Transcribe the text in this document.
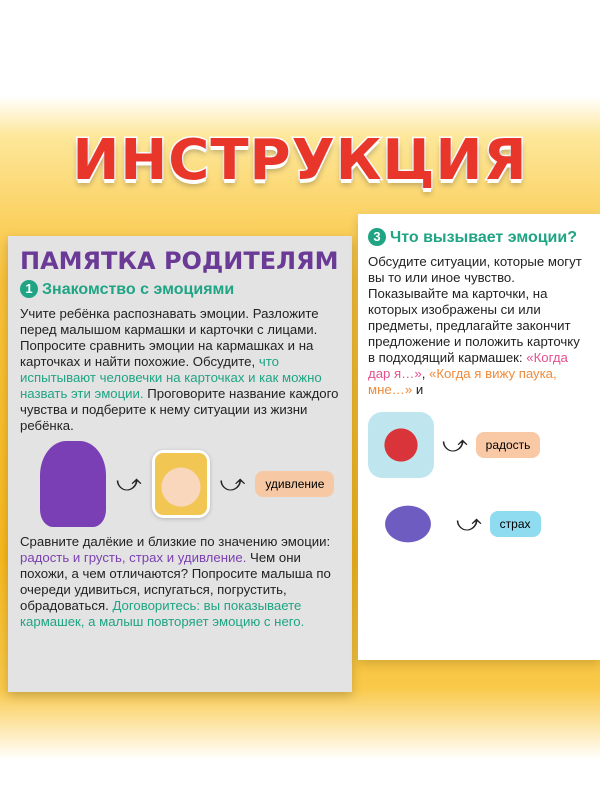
ИНСТРУКЦИЯ
ПАМЯТКА РОДИТЕЛЯМ
1 Знакомство с эмоциями

Учите ребёнка распознавать эмоции. Разложите перед малышом кармашки и карточки с лицами. Попросите сравнить эмоции на кармашках и на карточках и найти похожие. Обсудите, что испытывают человечки на карточках и как можно назвать эти эмоции. Проговорите название каждого чувства и подберите к нему ситуации из жизни ребёнка.

⤻	⤻	удивление

Сравните далёкие и близкие по значению эмоции: радость и грусть, страх и удивление. Чем они похожи, а чем отличаются? Попросите малыша по очереди удивиться, испугаться, погрустить, обрадоваться. Договоритесь: вы показываете кармашек, а малыш повторяет эмоцию с него.

3 Что вызывает эмоции?

Обсудите ситуации, которые могут вы то или иное чувство. Показывайте ма карточки, на которых изображены си или предметы, предлагайте закончит предложение и положить карточку в подходящий кармашек: «Когда дар я…», «Когда я вижу паука, мне…» и

⤻	радость
⤻	страх
